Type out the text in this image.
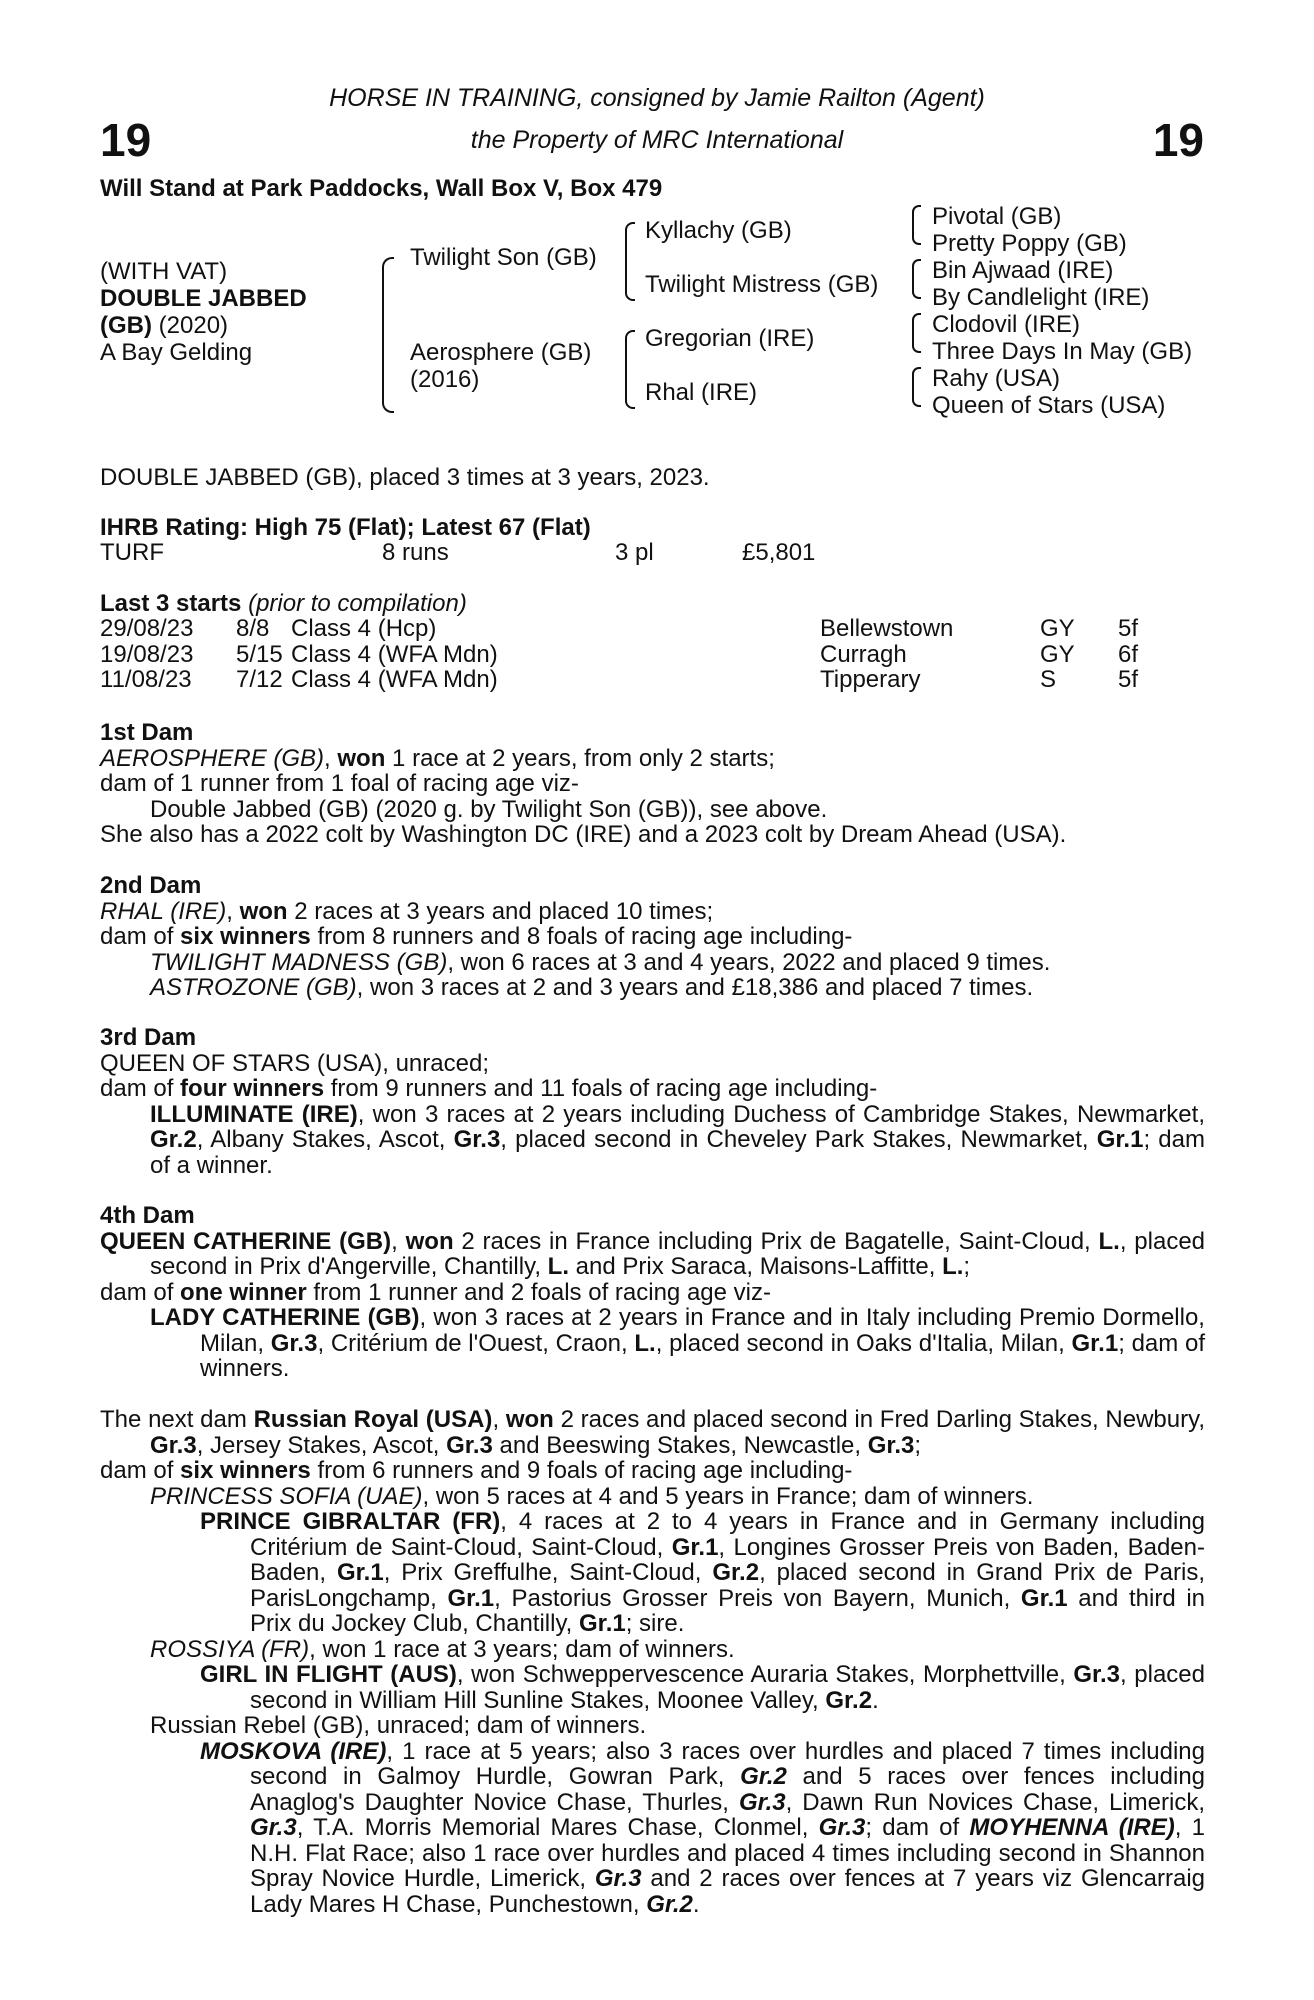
19	19
HORSE IN TRAINING, consigned by Jamie Railton (Agent)
the Property of MRC International
Will Stand at Park Paddocks, Wall Box V, Box 479
(WITH VAT)
DOUBLE JABBED
(GB) (2020)
A Bay Gelding
Twilight Son (GB)
Aerosphere (GB)
(2016)
Kyllachy (GB)
Twilight Mistress (GB)
Gregorian (IRE)
Rhal (IRE)
Pivotal (GB)
Pretty Poppy (GB)
Bin Ajwaad (IRE)
By Candlelight (IRE)
Clodovil (IRE)
Three Days In May (GB)
Rahy (USA)
Queen of Stars (USA)
DOUBLE JABBED (GB), placed 3 times at 3 years, 2023.
IHRB Rating: High 75 (Flat); Latest 67 (Flat)
TURF	8 runs	3 pl	£5,801
Last 3 starts (prior to compilation)
29/08/23 8/8 Class 4 (Hcp)	Bellewstown	GY 5f
19/08/23 5/15 Class 4 (WFA Mdn)	Curragh	GY 6f
11/08/23 7/12 Class 4 (WFA Mdn)	Tipperary	S	5f

1st Dam

AEROSPHERE (GB), won 1 race at 2 years, from only 2 starts;

dam of 1 runner from 1 foal of racing age viz-

Double Jabbed (GB) (2020 g. by Twilight Son (GB)), see above.

She also has a 2022 colt by Washington DC (IRE) and a 2023 colt by Dream Ahead (USA).

2nd Dam

RHAL (IRE), won 2 races at 3 years and placed 10 times;

dam of six winners from 8 runners and 8 foals of racing age including-

TWILIGHT MADNESS (GB), won 6 races at 3 and 4 years, 2022 and placed 9 times.

ASTROZONE (GB), won 3 races at 2 and 3 years and £18,386 and placed 7 times.

3rd Dam

QUEEN OF STARS (USA), unraced;

dam of four winners from 9 runners and 11 foals of racing age including-

ILLUMINATE (IRE), won 3 races at 2 years including Duchess of Cambridge Stakes, Newmarket, Gr.2, Albany Stakes, Ascot, Gr.3, placed second in Cheveley Park Stakes, Newmarket, Gr.1; dam of a winner.

4th Dam

QUEEN CATHERINE (GB), won 2 races in France including Prix de Bagatelle, Saint-Cloud, L., placed second in Prix d'Angerville, Chantilly, L. and Prix Saraca, Maisons-Laffitte, L.;

dam of one winner from 1 runner and 2 foals of racing age viz-

LADY CATHERINE (GB), won 3 races at 2 years in France and in Italy including Premio Dormello, Milan, Gr.3, Critérium de l'Ouest, Craon, L., placed second in Oaks d'Italia, Milan, Gr.1; dam of winners.

The next dam Russian Royal (USA), won 2 races and placed second in Fred Darling Stakes, Newbury, Gr.3, Jersey Stakes, Ascot, Gr.3 and Beeswing Stakes, Newcastle, Gr.3;

dam of six winners from 6 runners and 9 foals of racing age including-

PRINCESS SOFIA (UAE), won 5 races at 4 and 5 years in France; dam of winners.

PRINCE GIBRALTAR (FR), 4 races at 2 to 4 years in France and in Germany including Critérium de Saint-Cloud, Saint-Cloud, Gr.1, Longines Grosser Preis von Baden, Baden-Baden, Gr.1, Prix Greffulhe, Saint-Cloud, Gr.2, placed second in Grand Prix de Paris, ParisLongchamp, Gr.1, Pastorius Grosser Preis von Bayern, Munich, Gr.1 and third in Prix du Jockey Club, Chantilly, Gr.1; sire.

ROSSIYA (FR), won 1 race at 3 years; dam of winners.

GIRL IN FLIGHT (AUS), won Schweppervescence Auraria Stakes, Morphettville, Gr.3, placed second in William Hill Sunline Stakes, Moonee Valley, Gr.2.

Russian Rebel (GB), unraced; dam of winners.

MOSKOVA (IRE), 1 race at 5 years; also 3 races over hurdles and placed 7 times including second in Galmoy Hurdle, Gowran Park, Gr.2 and 5 races over fences including Anaglog's Daughter Novice Chase, Thurles, Gr.3, Dawn Run Novices Chase, Limerick, Gr.3, T.A. Morris Memorial Mares Chase, Clonmel, Gr.3; dam of MOYHENNA (IRE), 1 N.H. Flat Race; also 1 race over hurdles and placed 4 times including second in Shannon Spray Novice Hurdle, Limerick, Gr.3 and 2 races over fences at 7 years viz Glencarraig Lady Mares H Chase, Punchestown, Gr.2.
